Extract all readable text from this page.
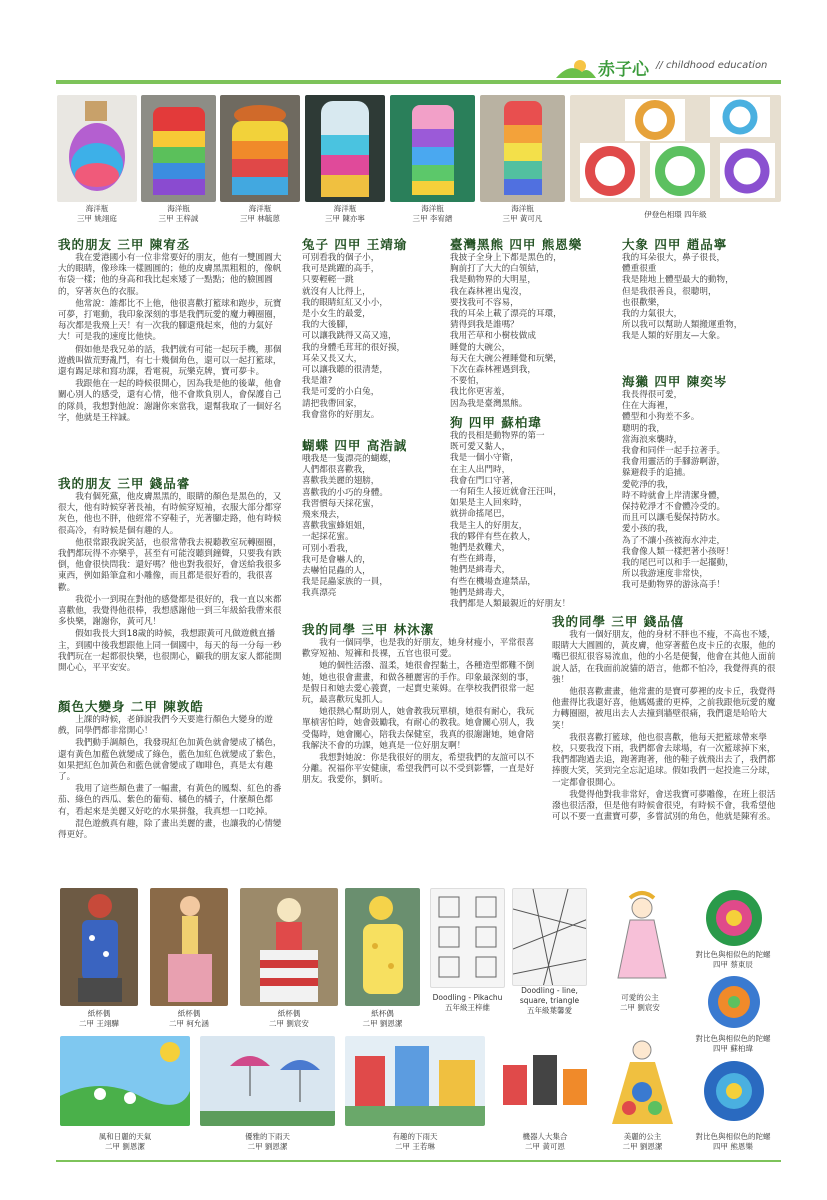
赤子心 // childhood education
海洋瓶
三甲 姚翊庭
海洋瓶
三甲 王梓誠
海洋瓶
三甲 林毓蒽
海洋瓶
三甲 陳亦寧
海洋瓶
三甲 李宥縉
海洋瓶
三甲 黃可凡	伊登色相環 四年級
我的朋友 三甲 陳宥丞

我在愛港國小有一位非常要好的朋友，他有一雙圓圓大大的眼睛，像珍珠一樣圓圓的；他的皮膚黑黑粗粗的，像帆布袋一樣；他的身高和我比起來矮了一點點；他的臉圓圓的，穿著灰色的衣服。

他常說：誰都比不上他，他很喜歡打籃球和跑步，玩寶可夢，打電動，我印象深刻的事是我們玩愛的魔力轉圈圈，每次都是我飛上天！有一次我的腳還飛起來，他的力氣好大！可是我的速度比他快。

假如他是我兄弟的話，我們就有可能一起玩手機，那個遊戲叫做荒野亂鬥，有七十幾個角色，還可以一起打籃球，還有踢足球和寫功課，看電視，玩樂克牌，寶可夢卡。

我跟他在一起的時候很開心，因為我是他的後輩，他會關心別人的感受，還有心情，他不會欺負別人，會保護自己的隊員，我想對他說：謝謝你來當我，還幫我取了一個好名字，他就是王梓誠。

我的朋友 三甲 錢品睿

我有個死黨，他皮膚黑黑的，眼睛的顏色是黑色的，又很大，他有時候穿著長袖，有時候穿短袖，衣服大部分都穿灰色，他也不胖，他經常不穿鞋子，光著腳走路，他有時候很高冷，有時候是個有趣的人。

他很常跟我說笑話，也很常帶我去視聽教室玩轉圈圈，我們都玩得不亦樂乎，甚至有可能沒聽到鐘聲，只要我有跌倒，他會很快問我：還好嗎？他也對我很好，會送給我很多東西，例如鉛筆盒和小雕像，而且都是很好看的，我很喜歡。

我從小一到現在對他的感覺都是很好的，我一直以來都喜歡他，我覺得他很棒，我想感謝他一到三年級給我帶來很多快樂，謝謝你，黃可凡！

假如我長大到18歲的時候，我想跟黃可凡做遊戲直播主，到國中後我想跟他上同一個國中，每天的每一分每一秒我們玩在一起都很快樂，也很開心，顧我的朋友家人都能開開心心，平平安安。

顏色大變身 二甲 陳敦皓

上課的時候，老師說我們今天要進行顏色大變身的遊戲，同學們都非常開心！

我們動手調顏色，我發現紅色加黃色就會變成了橘色，還有黃色加藍色就變成了綠色，藍色加紅色就變成了紫色，如果把紅色加黃色和藍色就會變成了咖啡色，真是太有趣了。

我用了這些顏色畫了一幅畫，有黃色的鳳梨、紅色的番茄、綠色的西瓜、紫色的葡萄、橘色的橘子，什麼顏色都有，看起來是美麗又好吃的水果拼盤，我真想一口吃掉。

混色遊戲真有趣，除了畫出美麗的畫，也讓我的心情變得更好。

兔子 四甲 王靖瑜
可別看我的個子小，
我可是跳躍的高手，
只要輕輕一跳
就沒有人比得上，
我的眼睛紅紅又小小，
是小女生的最愛，
我的大後腳，
可以讓我跳得又高又遠，
我的身體毛茸茸的很好摸，
耳朵又長又大，
可以讓我聽的很清楚，
我是誰?
我是可愛的小白兔，
請把我帶回家，
我會當你的好朋友。
蝴蝶 四甲 高浩誠
哦我是一隻漂亮的蝴蝶，
人們都很喜歡我，
喜歡我美麗的翅膀，
喜歡我的小巧的身體。
我習慣每天採花蜜，
飛來飛去，
喜歡我蜜蜂姐姐，
一起採花蜜。
可別小看我，
我可是會嚇人的，
去嚇怕昆蟲的人，
我是昆蟲家族的一員，
我真漂亮
臺灣黑熊 四甲 熊恩樂
我披子全身上下都是黑色的，
胸前打了大大的白領結，
我是動物界的大明星，
我在森林裡出鬼沒，
要找我可不容易，
我的耳朵上載了漂亮的耳環，
猜得到我是誰嗎？
我用芒草和小樹枝做成
睡覺的大碗公，
每天在大碗公裡睡覺和玩樂，
下次在森林裡遇到我，
不要怕，
我比你更害羞，
因為我是臺灣黑熊。
狗 四甲 蘇柏瑋
我的長相是動物界的第一
既可愛又黏人，
我是一個小守衛，
在主人出門時，
我會在門口守著，
一有陌生人接近就會汪汪叫，
如果是主人回來時，
就拼命搖尾巴，
我是主人的好朋友，
我的夥伴有些在救人，
牠們是救難犬，
有些在緝毒，
牠們是緝毒犬，
有些在機場查違禁品，
牠們是緝毒犬，
我們都是人類最親近的好朋友！
我的同學 三甲 林沐潔

我有一個同學，也是我的好朋友，她身材瘦小，平常很喜歡穿短袖、短褲和長裸，五官也很可愛。

她的個性活潑、溫柔，她很會捏黏土，各種造型都難不倒她，她也很會畫畫，和做各種麗害的手作。印象最深刻的事，是假日和她去愛心義賣，一起賣史萊姆。在學校我們很常一起玩，最喜歡玩鬼抓人。

她很熱心幫助別人，她會教我玩單槓，她很有耐心，我玩單槓害怕時，她會鼓勵我，有耐心的教我。她會關心別人，我受傷時，她會關心，陪我去保健室，我真的很謝謝她，她會陪我解決不會的功課，她真是一位好朋友啊！

我想對她說：你是我很好的朋友，希望我們的友誼可以不分離。祝福你平安健康，希望我們可以不受到影響，一直是好朋友。我愛你，劉昕。

大象 四甲 趙品寧
我的耳朵很大，鼻子很長，
體重很重
我是陸地上體型最大的動物，
但是我很善良，很聰明，
也很歡樂，
我的力氣很大，
所以我可以幫助人類搬運重物，
我是人類的好朋友—大象。
海獺 四甲 陳奕岑
我長得很可愛，
住在大海裡，
體型和小狗差不多。
聰明的我，
當海浪來襲時，
我會和同伴一起手拉著手。
我會用靈活的手腳游啊游，
躲避殺手的追捕。
愛乾淨的我，
時不時就會上岸清潔身體，
保持乾淨才不會體冷受的。
而且可以讓毛髮保持防水。
愛小孩的我，
為了不讓小孩被海水沖走，
我會像人類一樣把著小孩呀！
我的尾巴可以和手一起擺動，
所以我游速度非常快，
我可是動物界的游泳高手！
我的同學 三甲 錢品僖

我有一個好朋友，他的身材不胖也不瘦，不高也不矮，眼睛大大圓圓的，黃皮膚，他穿著藍色皮卡丘的衣服，他的嘴巴很紅很容易流血，他的小名是便餐，他會在其他人面前說人話，在我面前說貓的語言，他都不怕冷，我覺得真的很強！

他很喜歡畫畫，他常畫的是寶可夢裡的皮卡丘，我覺得他畫得比我還好喜，他媽媽畫的更棒，之前我跟他玩愛的魔力轉圈圈，被甩出去人去撞到牆壁很痛，我們還是哈哈大笑！

我很喜歡打籃球，他也很喜歡，他每天把籃球帶來學校，只要我沒下雨，我們都會去球場，有一次籃球掉下來，我們都跑過去追，跑著跑著，他的鞋子就飛出去了，我們都捧腹大笑，笑到完全忘記追球。假如我們一起投進三分球，一定都會很開心。

我覺得他對我非常好，會送我寶可夢雕像，在班上很活潑也很活潑，但是他有時候會很兇，有時候不會，我希望他可以不要一直畫寶可夢，多嘗試別的角色，他就是陳宥丞。

紙杯偶
二甲 王翊驊
紙杯偶
二甲 柯允涵
紙杯偶
二甲 劉宸安
紙杯偶
二甲 劉恩潔
Doodling - Pikachu
五年級王梓維
Doodling - line, square, triangle
五年級葉馨愛
可愛的公主
二甲 劉宸安
對比色與相似色的陀螺
四甲 蔡東辰
對比色與相似色的陀螺
四甲 蘇柏瑋
風和日麗的天氣
二甲 劉恩潔
優雅的下雨天
二甲 劉恩潔
有趣的下雨天
二甲 王若琳
機器人大集合
二甲 黃可恩
美麗的公主
二甲 劉恩潔
對比色與相似色的陀螺
四甲 熊恩樂
